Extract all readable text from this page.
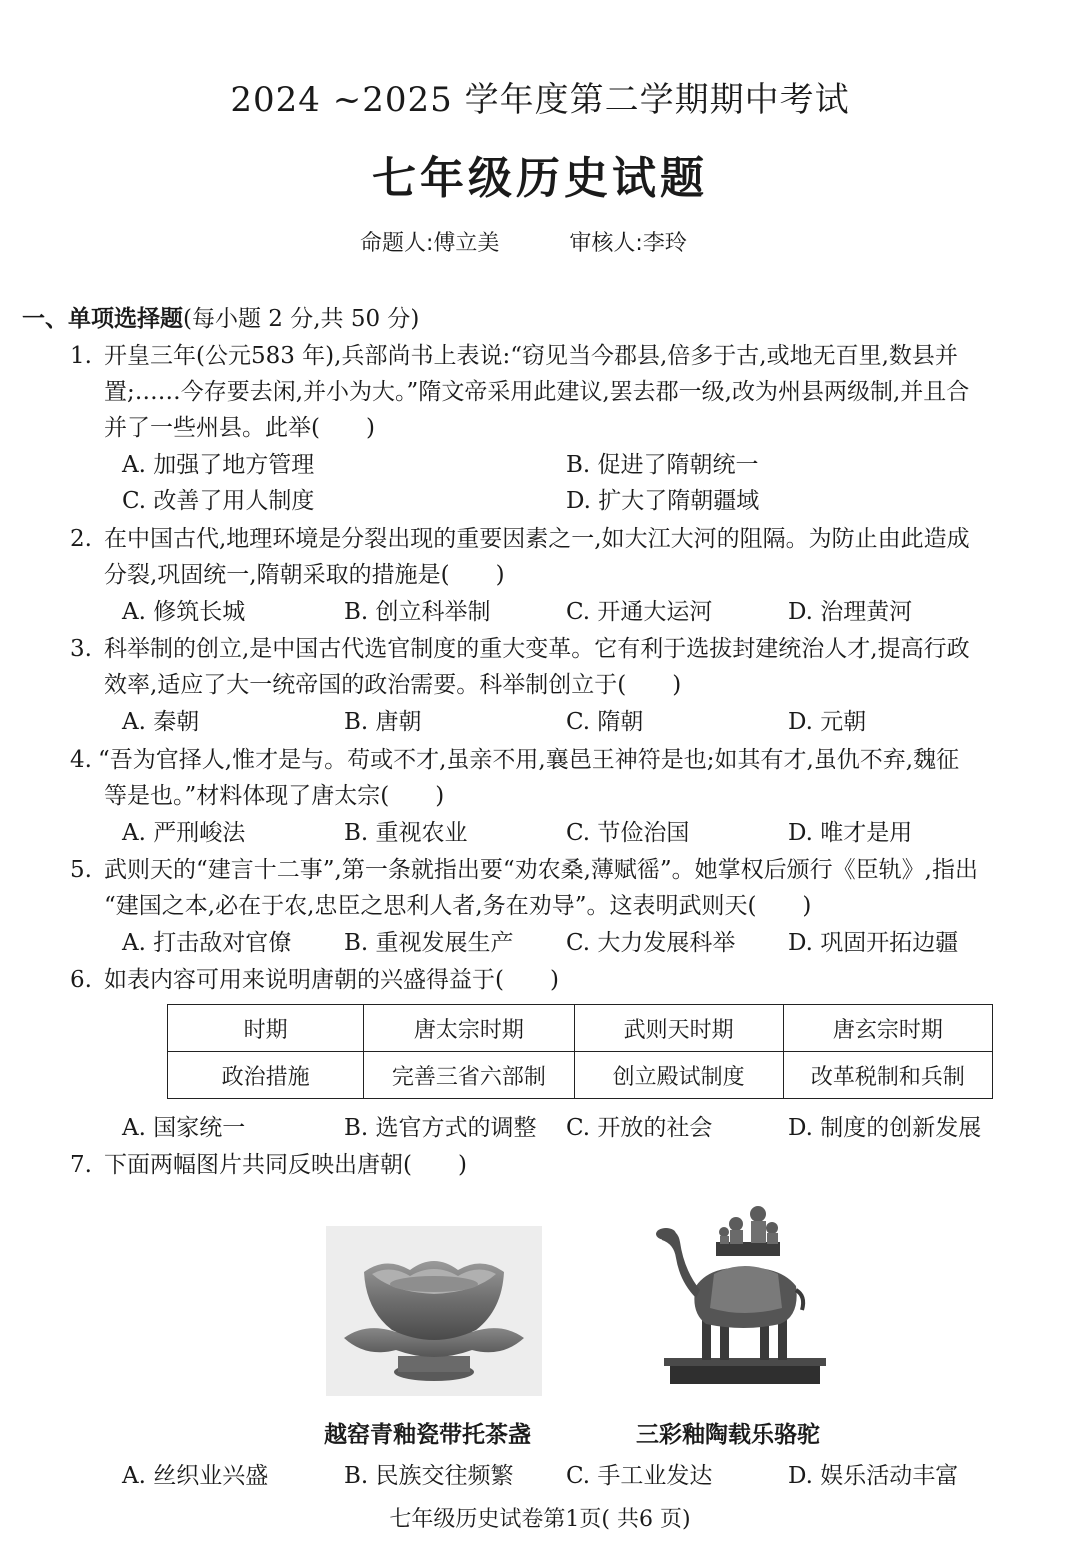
2024 ~2025 学年度第二学期期中考试
七年级历史试题
命题人:傅立美	审核人:李玲
一、单项选择题(每小题 2 分,共 50 分)
1. 开皇三年(公元583 年),兵部尚书上表说:“窃见当今郡县,倍多于古,或地无百里,数县并
置;……今存要去闲,并小为大。”隋文帝采用此建议,罢去郡一级,改为州县两级制,并且合
并了一些州县。此举(　　)
A. 加强了地方管理	B. 促进了隋朝统一
C. 改善了用人制度	D. 扩大了隋朝疆域
2. 在中国古代,地理环境是分裂出现的重要因素之一,如大江大河的阻隔。为防止由此造成
分裂,巩固统一,隋朝采取的措施是(　　)
A. 修筑长城	B. 创立科举制	C. 开通大运河	D. 治理黄河
3. 科举制的创立,是中国古代选官制度的重大变革。它有利于选拔封建统治人才,提高行政
效率,适应了大一统帝国的政治需要。科举制创立于(　　)
A. 秦朝	B. 唐朝	C. 隋朝	D. 元朝
4. “吾为官择人,惟才是与。苟或不才,虽亲不用,襄邑王神符是也;如其有才,虽仇不弃,魏征
等是也。”材料体现了唐太宗(　　)
A. 严刑峻法	B. 重视农业	C. 节俭治国	D. 唯才是用
5. 武则天的“建言十二事”,第一条就指出要“劝农桑,薄赋徭”。她掌权后颁行《臣轨》,指出
“建国之本,必在于农,忠臣之思利人者,务在劝导”。这表明武则天(　　)
A. 打击敌对官僚 B. 重视发展生产 C. 大力发展科举 D. 巩固开拓边疆
6. 如表内容可用来说明唐朝的兴盛得益于(　　)
时期	唐太宗时期	武则天时期	唐玄宗时期
政治措施	完善三省六部制	创立殿试制度	改革税制和兵制
A. 国家统一	B. 选官方式的调整 C. 开放的社会	D. 制度的创新发展
7. 下面两幅图片共同反映出唐朝(　　)
越窑青釉瓷带托茶盏	三彩釉陶载乐骆驼
A. 丝织业兴盛	B. 民族交往频繁 C. 手工业发达	D. 娱乐活动丰富
七年级历史试卷第1页( 共6 页)
